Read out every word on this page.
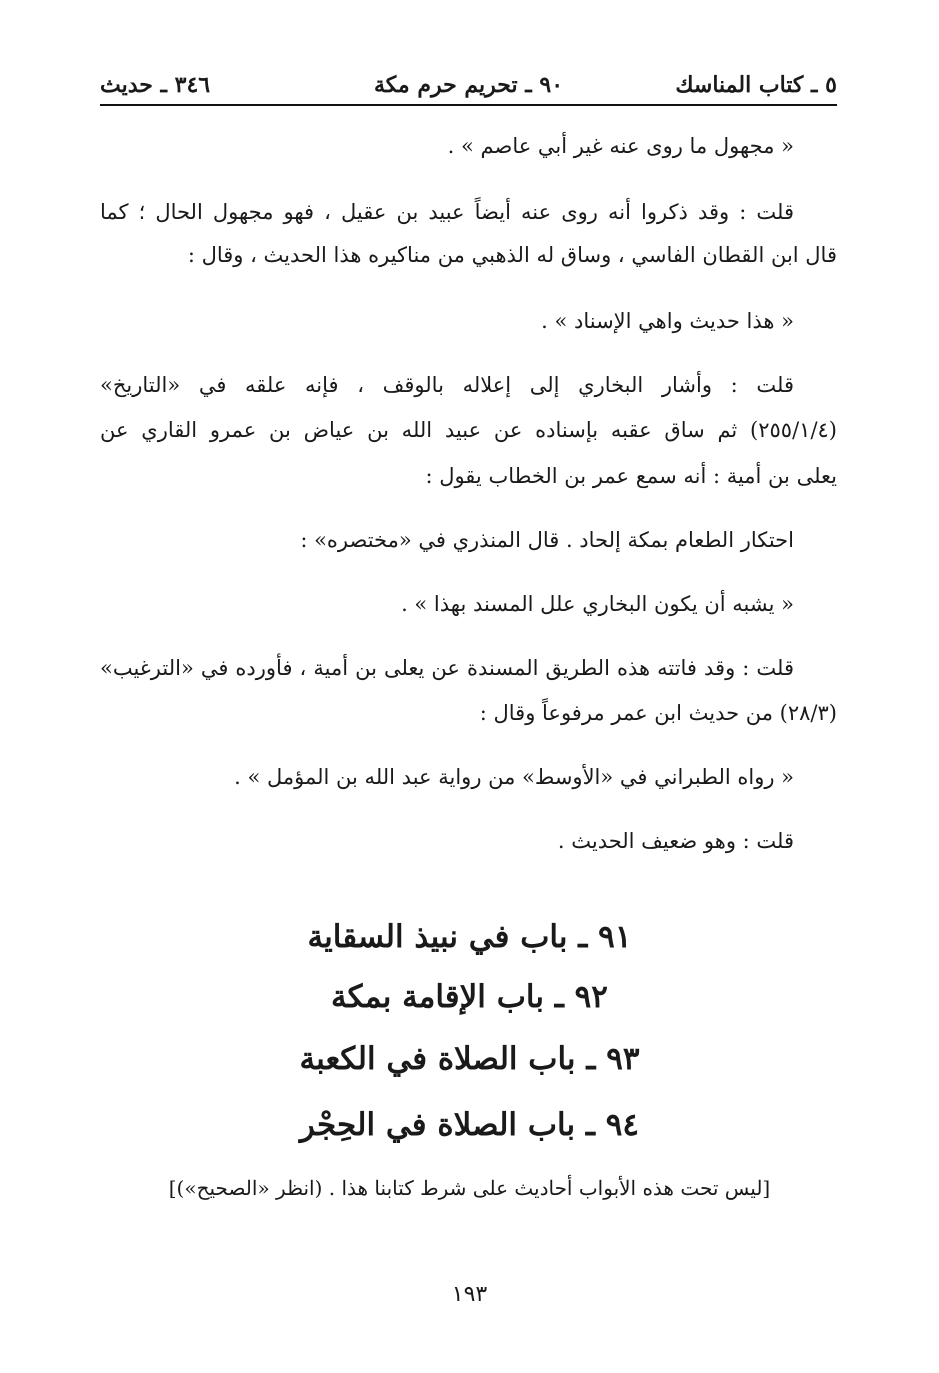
٥ ـ كتاب المناسك
٩٠ ـ تحريم حرم مكة
٣٤٦ ـ حديث
« مجهول ما روى عنه غير أبي عاصم » .
قلت : وقد ذكروا أنه روى عنه أيضاً عبيد بن عقيل ، فهو مجهول الحال ؛ كما
قال ابن القطان الفاسي ، وساق له الذهبي من مناكيره هذا الحديث ، وقال :
« هذا حديث واهي الإسناد » .
قلت : وأشار البخاري إلى إعلاله بالوقف ، فإنه علقه في «التاريخ»
(٢٥٥/١/٤) ثم ساق عقبه بإسناده عن عبيد الله بن عياض بن عمرو القاري عن
يعلى بن أمية : أنه سمع عمر بن الخطاب يقول :
احتكار الطعام بمكة إلحاد . قال المنذري في «مختصره» :
« يشبه أن يكون البخاري علل المسند بهذا » .
قلت : وقد فاتته هذه الطريق المسندة عن يعلى بن أمية ، فأورده في «الترغيب»
(٢٨/٣) من حديث ابن عمر مرفوعاً وقال :
« رواه الطبراني في «الأوسط» من رواية عبد الله بن المؤمل » .
قلت : وهو ضعيف الحديث .
٩١ ـ باب في نبيذ السقاية
٩٢ ـ باب الإقامة بمكة
٩٣ ـ باب الصلاة في الكعبة
٩٤ ـ باب الصلاة في الحِجْر
[ليس تحت هذه الأبواب أحاديث على شرط كتابنا هذا . (انظر «الصحيح»)]
١٩٣
